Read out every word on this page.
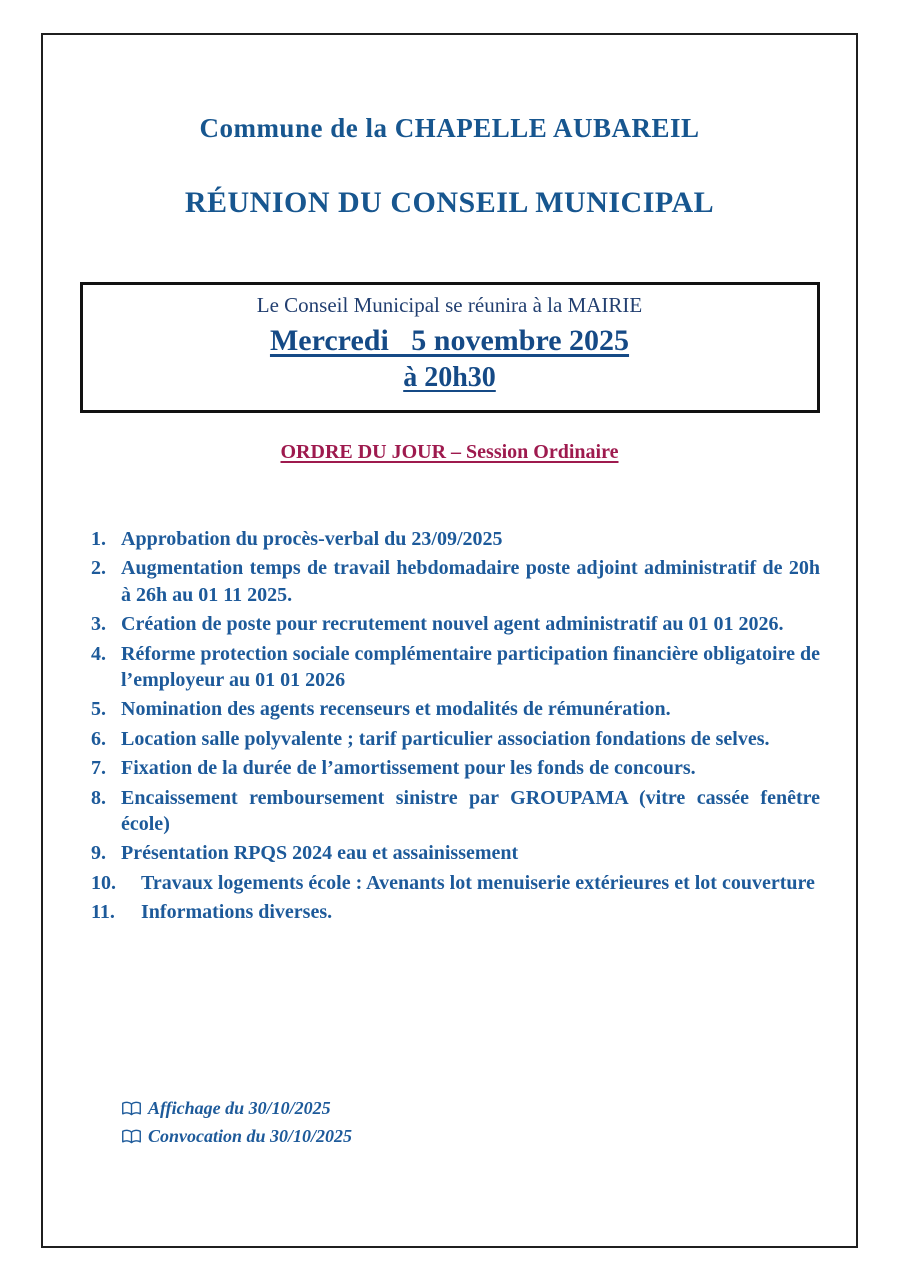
Commune de la CHAPELLE AUBAREIL
RÉUNION DU CONSEIL MUNICIPAL
Le Conseil Municipal se réunira à la MAIRIE
Mercredi   5 novembre 2025
à 20h30
ORDRE DU JOUR – Session Ordinaire
1. Approbation du procès-verbal du 23/09/2025
2. Augmentation temps de travail hebdomadaire poste adjoint administratif de 20h à 26h au 01 11 2025.
3. Création de poste pour recrutement nouvel agent administratif au 01 01 2026.
4. Réforme protection sociale complémentaire participation financière obligatoire de l’employeur au 01 01 2026
5. Nomination des agents recenseurs et modalités de rémunération.
6. Location salle polyvalente ; tarif particulier association fondations de selves.
7. Fixation de la durée de l’amortissement pour les fonds de concours.
8. Encaissement remboursement sinistre par GROUPAMA (vitre cassée fenêtre école)
9. Présentation RPQS 2024 eau et assainissement
10.	Travaux logements école : Avenants lot menuiserie extérieures et lot couverture
11.	Informations diverses.
Affichage du 30/10/2025
Convocation du 30/10/2025
